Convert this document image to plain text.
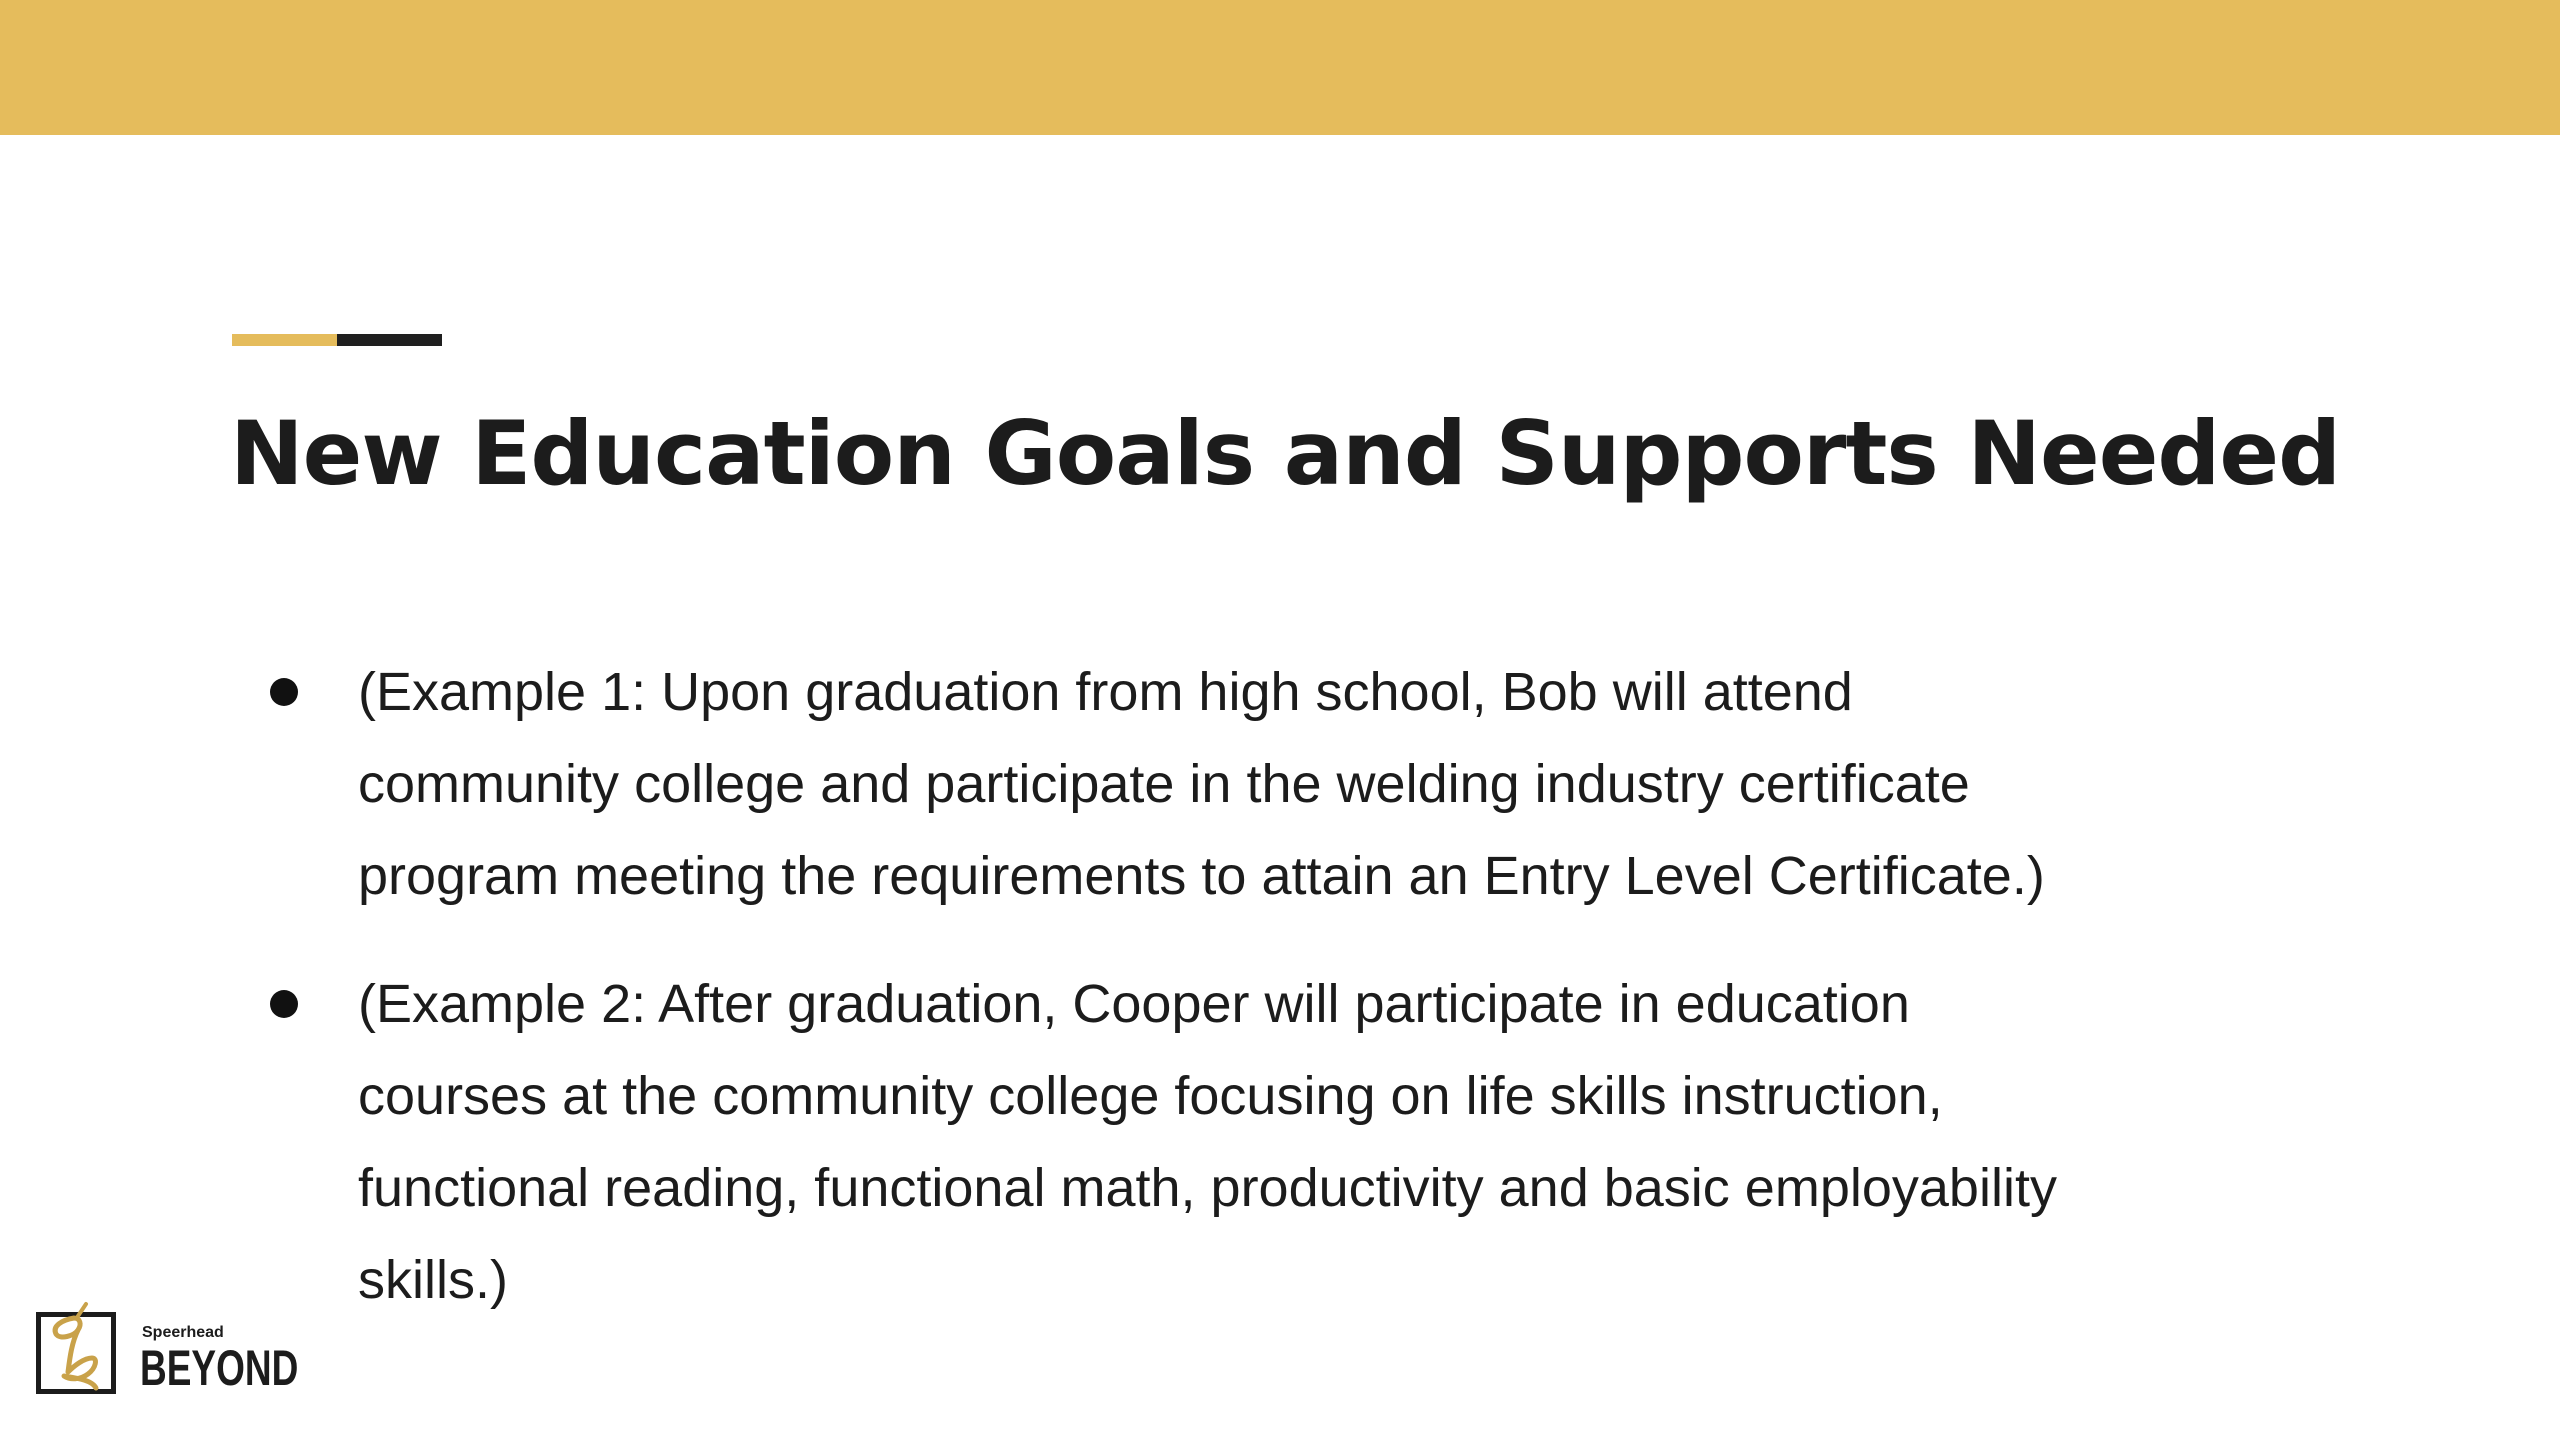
New Education Goals and Supports Needed
(Example 1: Upon graduation from high school, Bob will attend community college and participate in the welding industry certificate program meeting the requirements to attain an Entry Level Certificate.)
(Example 2: After graduation, Cooper will participate in education courses at the community college focusing on life skills instruction, functional reading, functional math, productivity and basic employability skills.)
Speerhead
BEYOND
